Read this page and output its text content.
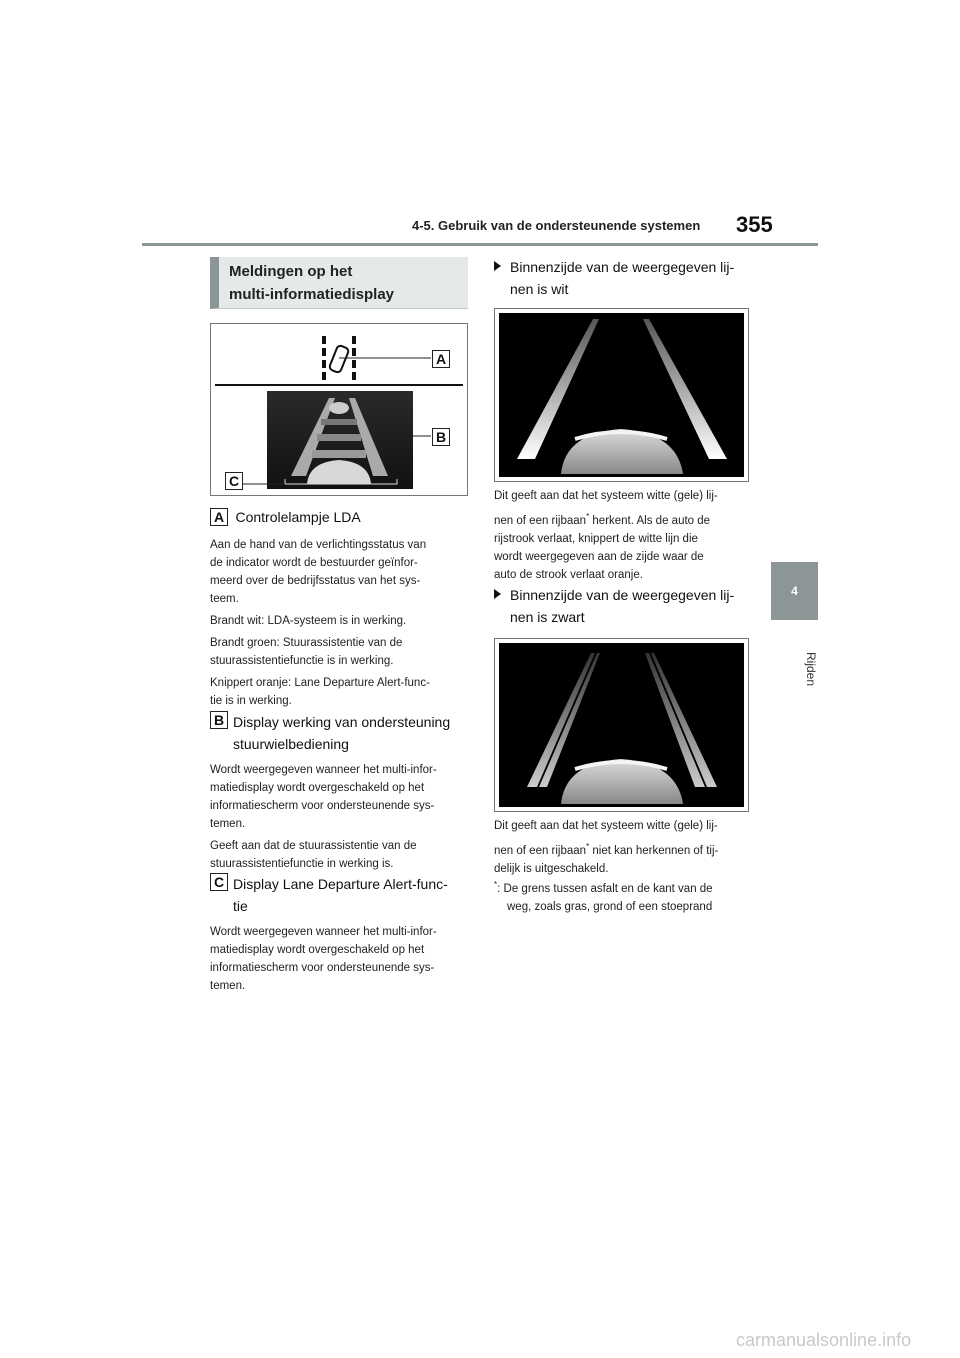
4-5. Gebruik van de ondersteunende systemen 355
4
Rijden
Meldingen op het
multi-informatiedisplay
A
B
C
A Controlelampje LDA
Aan de hand van de verlichtingsstatus van
de indicator wordt de bestuurder geïnfor-
meerd over de bedrijfsstatus van het sys-
teem.
Brandt wit: LDA-systeem is in werking.
Brandt groen: Stuurassistentie van de
stuurassistentiefunctie is in werking.
Knippert oranje: Lane Departure Alert-func-
tie is in werking.
B Display werking van ondersteuning
stuurwielbediening
Wordt weergegeven wanneer het multi-infor-
matiedisplay wordt overgeschakeld op het
informatiescherm voor ondersteunende sys-
temen.
Geeft aan dat de stuurassistentie van de
stuurassistentiefunctie in werking is.
C Display Lane Departure Alert-func-
tie
Wordt weergegeven wanneer het multi-infor-
matiedisplay wordt overgeschakeld op het
informatiescherm voor ondersteunende sys-
temen.
Binnenzijde van de weergegeven lij-
nen is wit
Dit geeft aan dat het systeem witte (gele) lij-
nen of een rijbaan* herkent. Als de auto de
rijstrook verlaat, knippert de witte lijn die
wordt weergegeven aan de zijde waar de
auto de strook verlaat oranje.
Binnenzijde van de weergegeven lij-
nen is zwart
Dit geeft aan dat het systeem witte (gele) lij-
nen of een rijbaan* niet kan herkennen of tij-
delijk is uitgeschakeld.
*: De grens tussen asfalt en de kant van de
weg, zoals gras, grond of een stoeprand
carmanualsonline.info
